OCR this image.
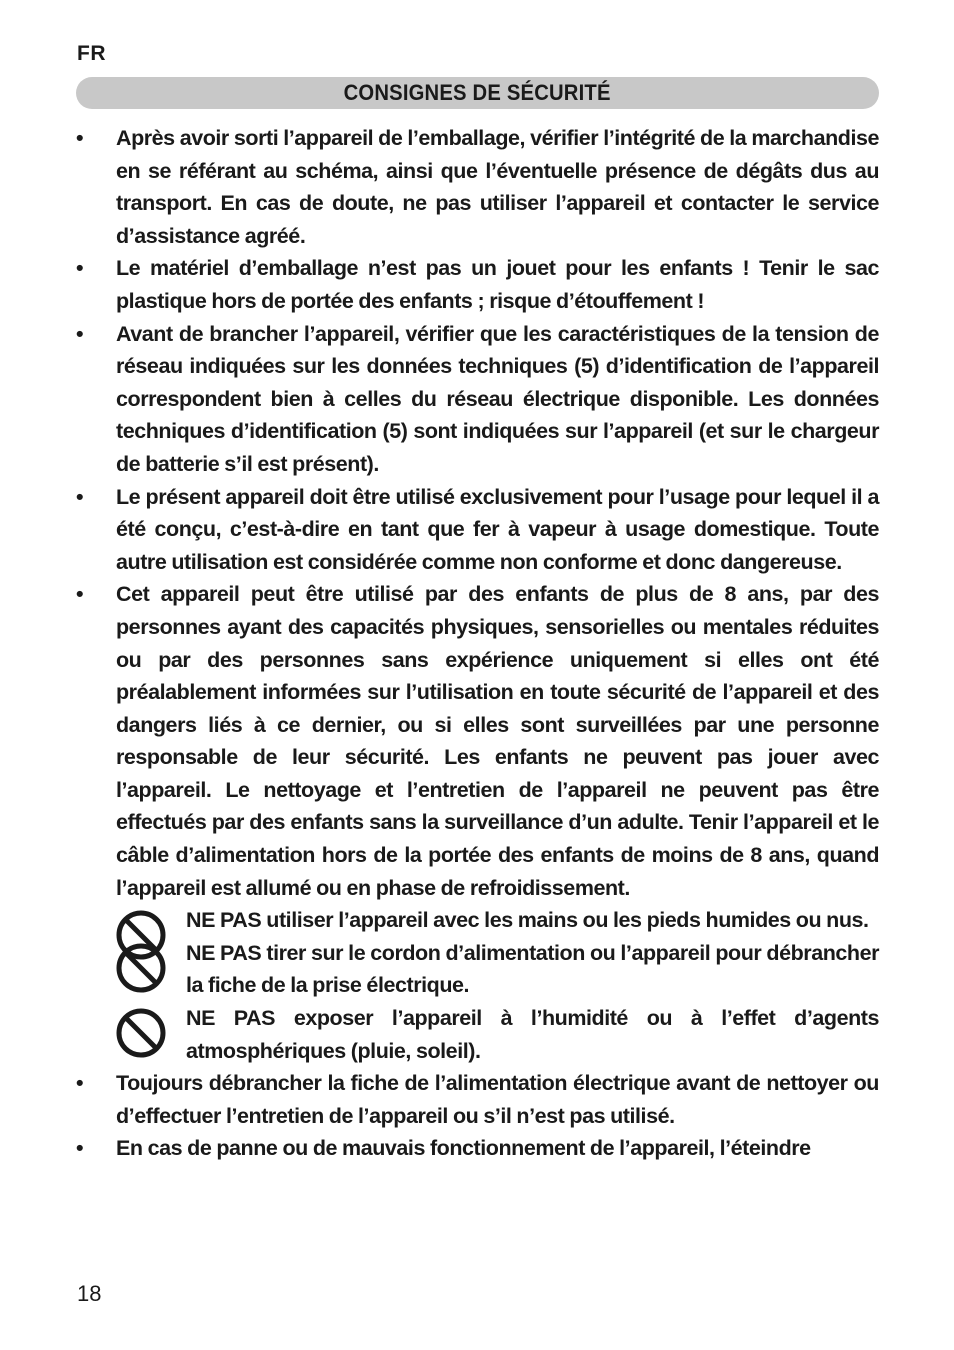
FR
CONSIGNES DE SÉCURITÉ
•	Après avoir sorti l’appareil de l’emballage, vérifier l’intégrité de la marchandise en se référant au schéma, ainsi que l’éventuelle présence de dégâts dus au transport. En cas de doute, ne pas utiliser l’appareil et contacter le service d’assistance agréé.
•	Le matériel d’emballage n’est pas un jouet pour les enfants ! Tenir le sac plastique hors de portée des enfants ; risque d’étouffement !
•	Avant de brancher l’appareil, vérifier que les caractéristiques de la tension de réseau indiquées sur les données techniques (5) d’identification de l’appareil correspondent bien à celles du réseau électrique disponible. Les données techniques d’identification (5) sont indiquées sur l’appareil (et sur le chargeur de batterie s’il est présent).
•	Le présent appareil doit être utilisé exclusivement pour l’usage pour lequel il a été conçu, c’est-à-dire en tant que fer à vapeur à usage domestique. Toute autre utilisation est considérée comme non conforme et donc dangereuse.
•	Cet appareil peut être utilisé par des enfants de plus de 8 ans, par des personnes ayant des capacités physiques, sensorielles ou mentales réduites ou par des personnes sans expérience uniquement si elles ont été préalablement informées sur l’utilisation en toute sécurité de l’appareil et des dangers liés à ce dernier, ou si elles sont surveillées par une personne responsable de leur sécurité. Les enfants ne peuvent pas jouer avec l’appareil. Le nettoyage et l’entretien de l’appareil ne peuvent pas être effectués par des enfants sans la surveillance d’un adulte. Tenir l’appareil et le câble d’alimentation hors de la portée des enfants de moins de 8 ans, quand l’appareil est allumé ou en phase de refroidissement.
NE PAS utiliser l’appareil avec les mains ou les pieds humides ou nus.
NE PAS tirer sur le cordon d’alimentation ou l’appareil pour débrancher la fiche de la prise électrique.
NE PAS exposer l’appareil à l’humidité ou à l’effet d’agents atmosphériques (pluie, soleil).
•	Toujours débrancher la fiche de l’alimentation électrique avant de nettoyer ou d’effectuer l’entretien de l’appareil ou s’il n’est pas utilisé.
•	En cas de panne ou de mauvais fonctionnement de l’appareil, l’éteindre
18
